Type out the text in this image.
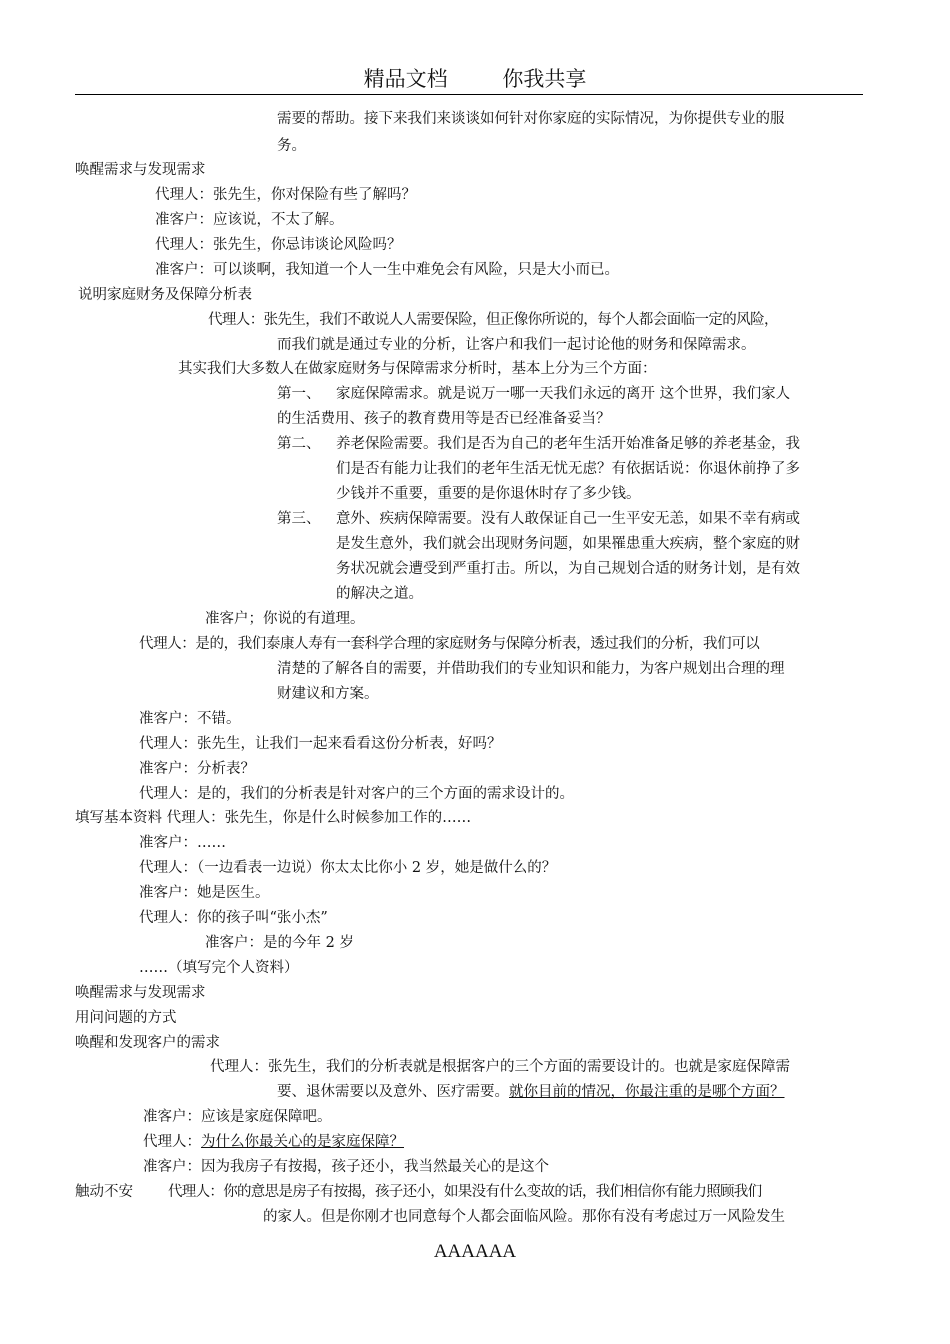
精品文档	你我共享
需要的帮助。接下来我们来谈谈如何针对你家庭的实际情况，为你提供专业的服
务。
唤醒需求与发现需求
代理人：张先生，你对保险有些了解吗？
准客户：应该说，不太了解。
代理人：张先生，你忌讳谈论风险吗？
准客户：可以谈啊，我知道一个人一生中难免会有风险，只是大小而已。
说明家庭财务及保障分析表
代理人：张先生，我们不敢说人人需要保险，但正像你所说的，每个人都会面临一定的风险，
而我们就是通过专业的分析，让客户和我们一起讨论他的财务和保障需求。
其实我们大多数人在做家庭财务与保障需求分析时，基本上分为三个方面：
第一、 家庭保障需求。就是说万一哪一天我们永远的离开 这个世界，我们家人
的生活费用、孩子的教育费用等是否已经准备妥当？
第二、 养老保险需要。我们是否为自己的老年生活开始准备足够的养老基金，我
们是否有能力让我们的老年生活无忧无虑？有依据话说：你退休前挣了多
少钱并不重要，重要的是你退休时存了多少钱。
第三、 意外、疾病保障需要。没有人敢保证自己一生平安无恙，如果不幸有病或
是发生意外，我们就会出现财务问题，如果罹患重大疾病，整个家庭的财
务状况就会遭受到严重打击。所以，为自己规划合适的财务计划，是有效
的解决之道。
准客户；你说的有道理。
代理人：是的，我们泰康人寿有一套科学合理的家庭财务与保障分析表，透过我们的分析，我们可以
清楚的了解各自的需要，并借助我们的专业知识和能力，为客户规划出合理的理
财建议和方案。
准客户：不错。
代理人：张先生，让我们一起来看看这份分析表，好吗？
准客户：分析表？
代理人：是的，我们的分析表是针对客户的三个方面的需求设计的。
填写基本资料 代理人：张先生，你是什么时候参加工作的……
准客户：……
代理人：（一边看表一边说）你太太比你小 2 岁，她是做什么的？
准客户：她是医生。
代理人：你的孩子叫“张小杰”
准客户：是的今年 2 岁
……（填写完个人资料）
唤醒需求与发现需求
用问问题的方式
唤醒和发现客户的需求
代理人：张先生，我们的分析表就是根据客户的三个方面的需要设计的。也就是家庭保障需
要、退休需要以及意外、医疗需要。就你目前的情况，你最注重的是哪个方面？
准客户：应该是家庭保障吧。
代理人：为什么你最关心的是家庭保障？
准客户：因为我房子有按揭，孩子还小，我当然最关心的是这个
触动不安 代理人：你的意思是房子有按揭，孩子还小，如果没有什么变故的话，我们相信你有能力照顾我们
的家人。但是你刚才也同意每个人都会面临风险。那你有没有考虑过万一风险发生
AAAAAA
